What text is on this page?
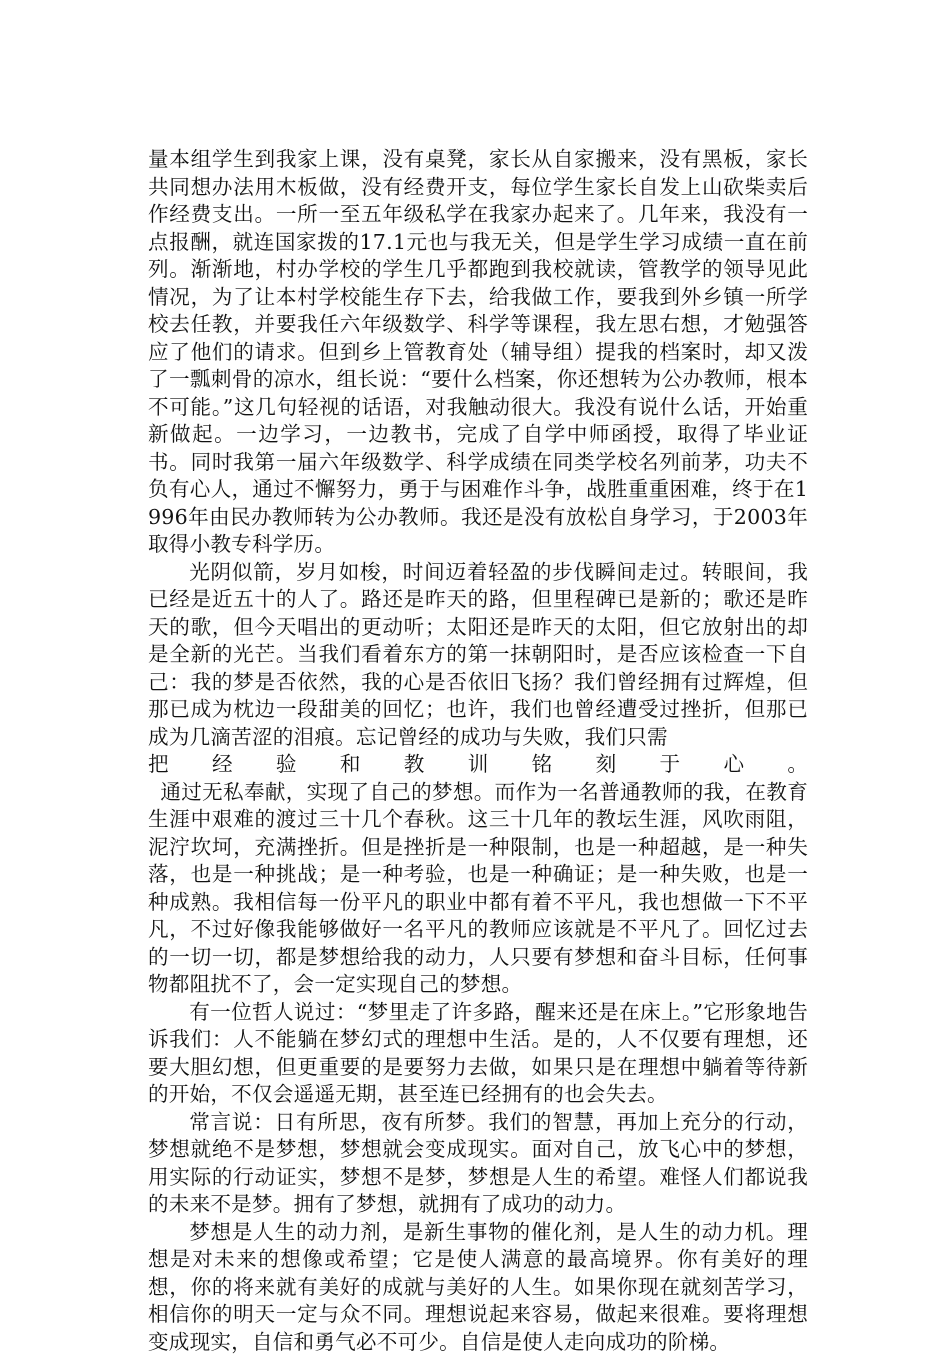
量本组学生到我家上课，没有桌凳，家长从自家搬来，没有黑板，家长共同想办法用木板做，没有经费开支，每位学生家长自发上山砍柴卖后作经费支出。一所一至五年级私学在我家办起来了。几年来，我没有一点报酬，就连国家拨的17.1元也与我无关，但是学生学习成绩一直在前列。渐渐地，村办学校的学生几乎都跑到我校就读，管教学的领导见此情况，为了让本村学校能生存下去，给我做工作，要我到外乡镇一所学校去任教，并要我任六年级数学、科学等课程，我左思右想，才勉强答应了他们的请求。但到乡上管教育处（辅导组）提我的档案时，却又泼了一瓢刺骨的凉水，组长说：“要什么档案，你还想转为公办教师，根本不可能。”这几句轻视的话语，对我触动很大。我没有说什么话，开始重新做起。一边学习，一边教书，完成了自学中师函授，取得了毕业证书。同时我第一届六年级数学、科学成绩在同类学校名列前茅，功夫不负有心人，通过不懈努力，勇于与困难作斗争，战胜重重困难，终于在1996年由民办教师转为公办教师。我还是没有放松自身学习，于2003年取得小教专科学历。

光阴似箭，岁月如梭，时间迈着轻盈的步伐瞬间走过。转眼间，我已经是近五十的人了。路还是昨天的路，但里程碑已是新的；歌还是昨天的歌，但今天唱出的更动听；太阳还是昨天的太阳，但它放射出的却是全新的光芒。当我们看着东方的第一抹朝阳时，是否应该检查一下自己：我的梦是否依然，我的心是否依旧飞扬？我们曾经拥有过辉煌，但那已成为枕边一段甜美的回忆；也许，我们也曾经遭受过挫折，但那已成为几滴苦涩的泪痕。忘记曾经的成功与失败，我们只需

把经验和教训铭刻于心。

通过无私奉献，实现了自己的梦想。而作为一名普通教师的我，在教育生涯中艰难的渡过三十几个春秋。这三十几年的教坛生涯，风吹雨阻，泥泞坎坷，充满挫折。但是挫折是一种限制，也是一种超越，是一种失落，也是一种挑战；是一种考验，也是一种确证；是一种失败，也是一种成熟。我相信每一份平凡的职业中都有着不平凡，我也想做一下不平凡，不过好像我能够做好一名平凡的教师应该就是不平凡了。回忆过去的一切一切，都是梦想给我的动力，人只要有梦想和奋斗目标，任何事物都阻扰不了，会一定实现自己的梦想。

有一位哲人说过：“梦里走了许多路，醒来还是在床上。”它形象地告诉我们：人不能躺在梦幻式的理想中生活。是的，人不仅要有理想，还要大胆幻想，但更重要的是要努力去做，如果只是在理想中躺着等待新的开始，不仅会遥遥无期，甚至连已经拥有的也会失去。

常言说：日有所思，夜有所梦。我们的智慧，再加上充分的行动，梦想就绝不是梦想，梦想就会变成现实。面对自己，放飞心中的梦想，用实际的行动证实，梦想不是梦，梦想是人生的希望。难怪人们都说我的未来不是梦。拥有了梦想，就拥有了成功的动力。

梦想是人生的动力剂，是新生事物的催化剂，是人生的动力机。理想是对未来的想像或希望；它是使人满意的最高境界。你有美好的理想，你的将来就有美好的成就与美好的人生。如果你现在就刻苦学习，相信你的明天一定与众不同。理想说起来容易，做起来很难。要将理想变成现实，自信和勇气必不可少。自信是使人走向成功的阶梯。
